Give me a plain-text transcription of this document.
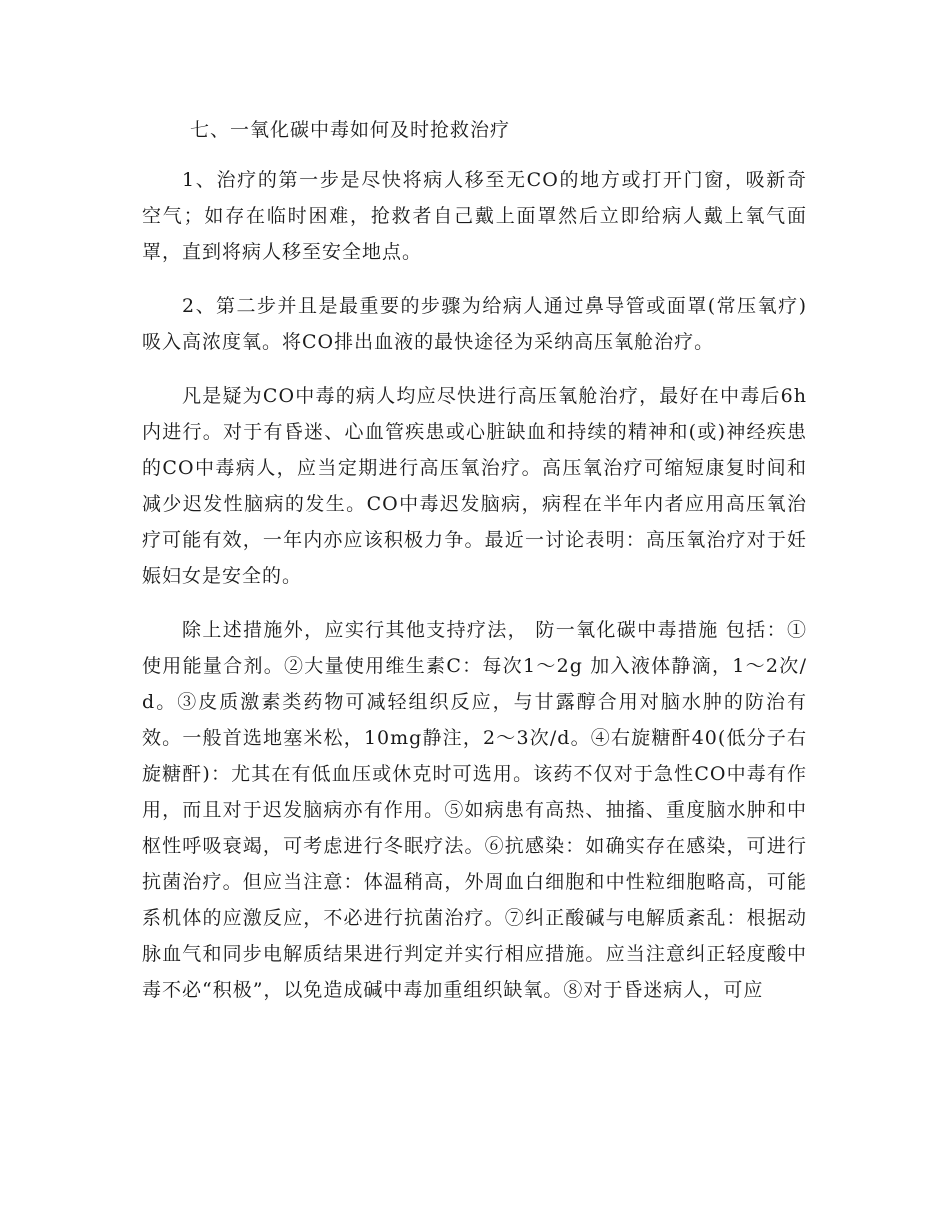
七、一氧化碳中毒如何及时抢救治疗

1、治疗的第一步是尽快将病人移至无CO的地方或打开门窗，吸新奇空气；如存在临时困难，抢救者自己戴上面罩然后立即给病人戴上氧气面罩，直到将病人移至安全地点。

2、第二步并且是最重要的步骤为给病人通过鼻导管或面罩(常压氧疗)吸入高浓度氧。将CO排出血液的最快途径为采纳高压氧舱治疗。

凡是疑为CO中毒的病人均应尽快进行高压氧舱治疗，最好在中毒后6h内进行。对于有昏迷、心血管疾患或心脏缺血和持续的精神和(或)神经疾患的CO中毒病人，应当定期进行高压氧治疗。高压氧治疗可缩短康复时间和减少迟发性脑病的发生。CO中毒迟发脑病，病程在半年内者应用高压氧治疗可能有效，一年内亦应该积极力争。最近一讨论表明：高压氧治疗对于妊娠妇女是安全的。

除上述措施外，应实行其他支持疗法， 防一氧化碳中毒措施 包括：①使用能量合剂。②大量使用维生素C：每次1～2g 加入液体静滴，1～2次/d。③皮质激素类药物可减轻组织反应，与甘露醇合用对脑水肿的防治有效。一般首选地塞米松，10mg静注，2～3次/d。④右旋糖酐40(低分子右旋糖酐)：尤其在有低血压或休克时可选用。该药不仅对于急性CO中毒有作用，而且对于迟发脑病亦有作用。⑤如病患有高热、抽搐、重度脑水肿和中枢性呼吸衰竭，可考虑进行冬眠疗法。⑥抗感染：如确实存在感染，可进行抗菌治疗。但应当注意：体温稍高，外周血白细胞和中性粒细胞略高，可能系机体的应激反应，不必进行抗菌治疗。⑦纠正酸碱与电解质紊乱：根据动脉血气和同步电解质结果进行判定并实行相应措施。应当注意纠正轻度酸中毒不必“积极”，以免造成碱中毒加重组织缺氧。⑧对于昏迷病人，可应
